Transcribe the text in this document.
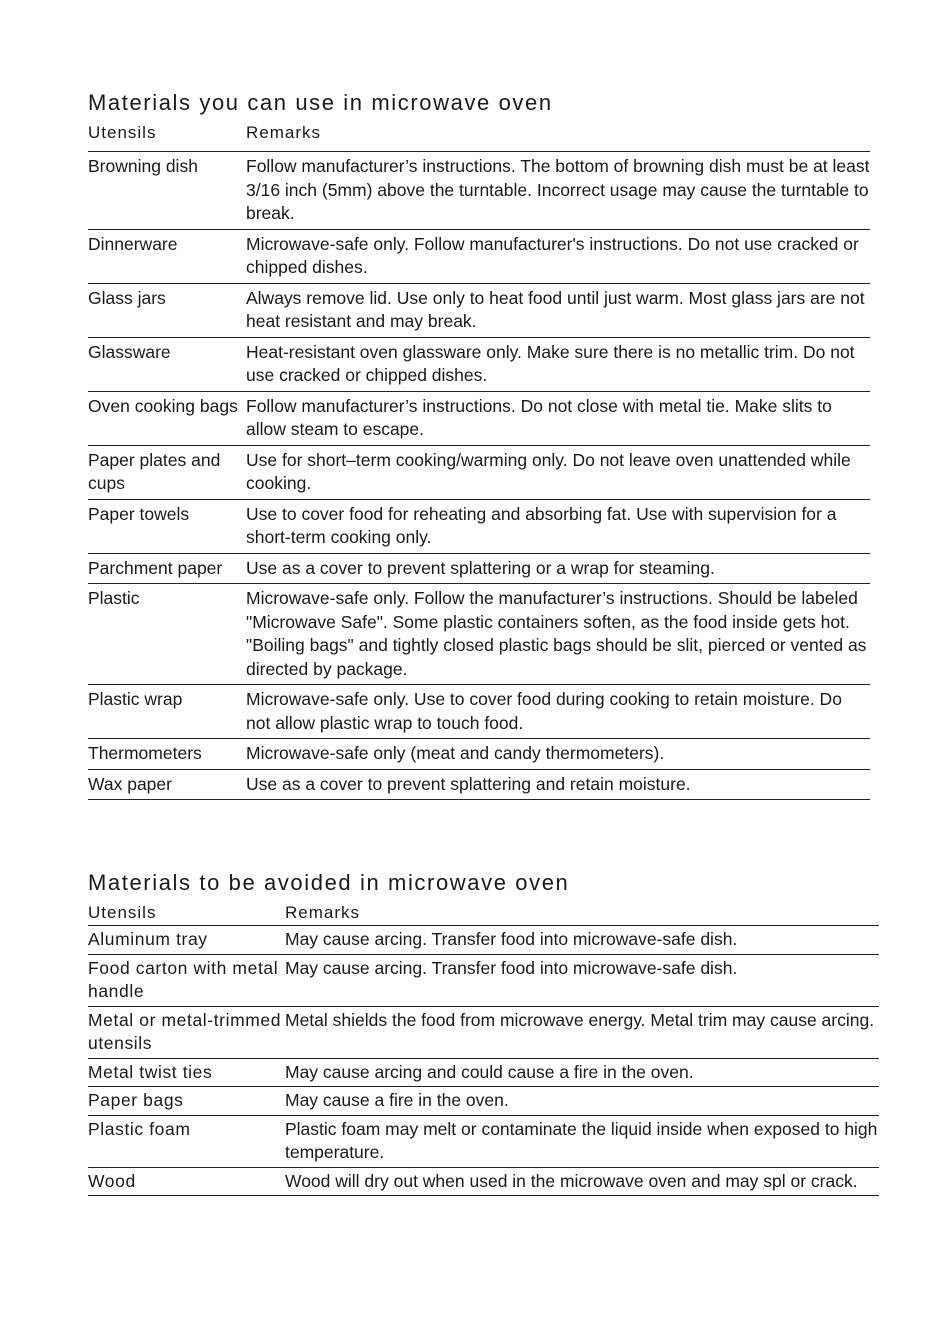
Materials you can use in microwave oven
Utensils	Remarks
Browning dish	Follow manufacturer’s instructions. The bottom of browning dish must be at least 3/16 inch (5mm) above the turntable. Incorrect usage may cause the turntable to break.
Dinnerware	Microwave-safe only. Follow manufacturer's instructions. Do not use cracked or chipped dishes.
Glass jars	Always remove lid. Use only to heat food until just warm. Most glass jars are not heat resistant and may break.
Glassware	Heat-resistant oven glassware only. Make sure there is no metallic trim. Do not use cracked or chipped dishes.
Oven cooking bags	Follow manufacturer’s instructions. Do not close with metal tie. Make slits to allow steam to escape.
Paper plates and cups	Use for short–term cooking/warming only. Do not leave oven unattended while cooking.
Paper towels	Use to cover food for reheating and absorbing fat. Use with supervision for a short-term cooking only.
Parchment paper	Use as a cover to prevent splattering or a wrap for steaming.
Plastic	Microwave-safe only. Follow the manufacturer’s instructions. Should be labeled "Microwave Safe". Some plastic containers soften, as the food inside gets hot. "Boiling bags" and tightly closed plastic bags should be slit, pierced or vented as directed by package.
Plastic wrap	Microwave-safe only. Use to cover food during cooking to retain moisture. Do not allow plastic wrap to touch food.
Thermometers	Microwave-safe only (meat and candy thermometers).
Wax paper	Use as a cover to prevent splattering and retain moisture.
Materials to be avoided in microwave oven
Utensils	Remarks
Aluminum tray	May cause arcing. Transfer food into microwave-safe dish.
Food carton with metal handle	May cause arcing. Transfer food into microwave-safe dish.
Metal or metal-trimmed utensils	Metal shields the food from microwave energy. Metal trim may cause arcing.
Metal twist ties	May cause arcing and could cause a fire in the oven.
Paper bags	May cause a fire in the oven.
Plastic foam	Plastic foam may melt or contaminate the liquid inside when exposed to high temperature.
Wood	Wood will dry out when used in the microwave oven and may spl or crack.
